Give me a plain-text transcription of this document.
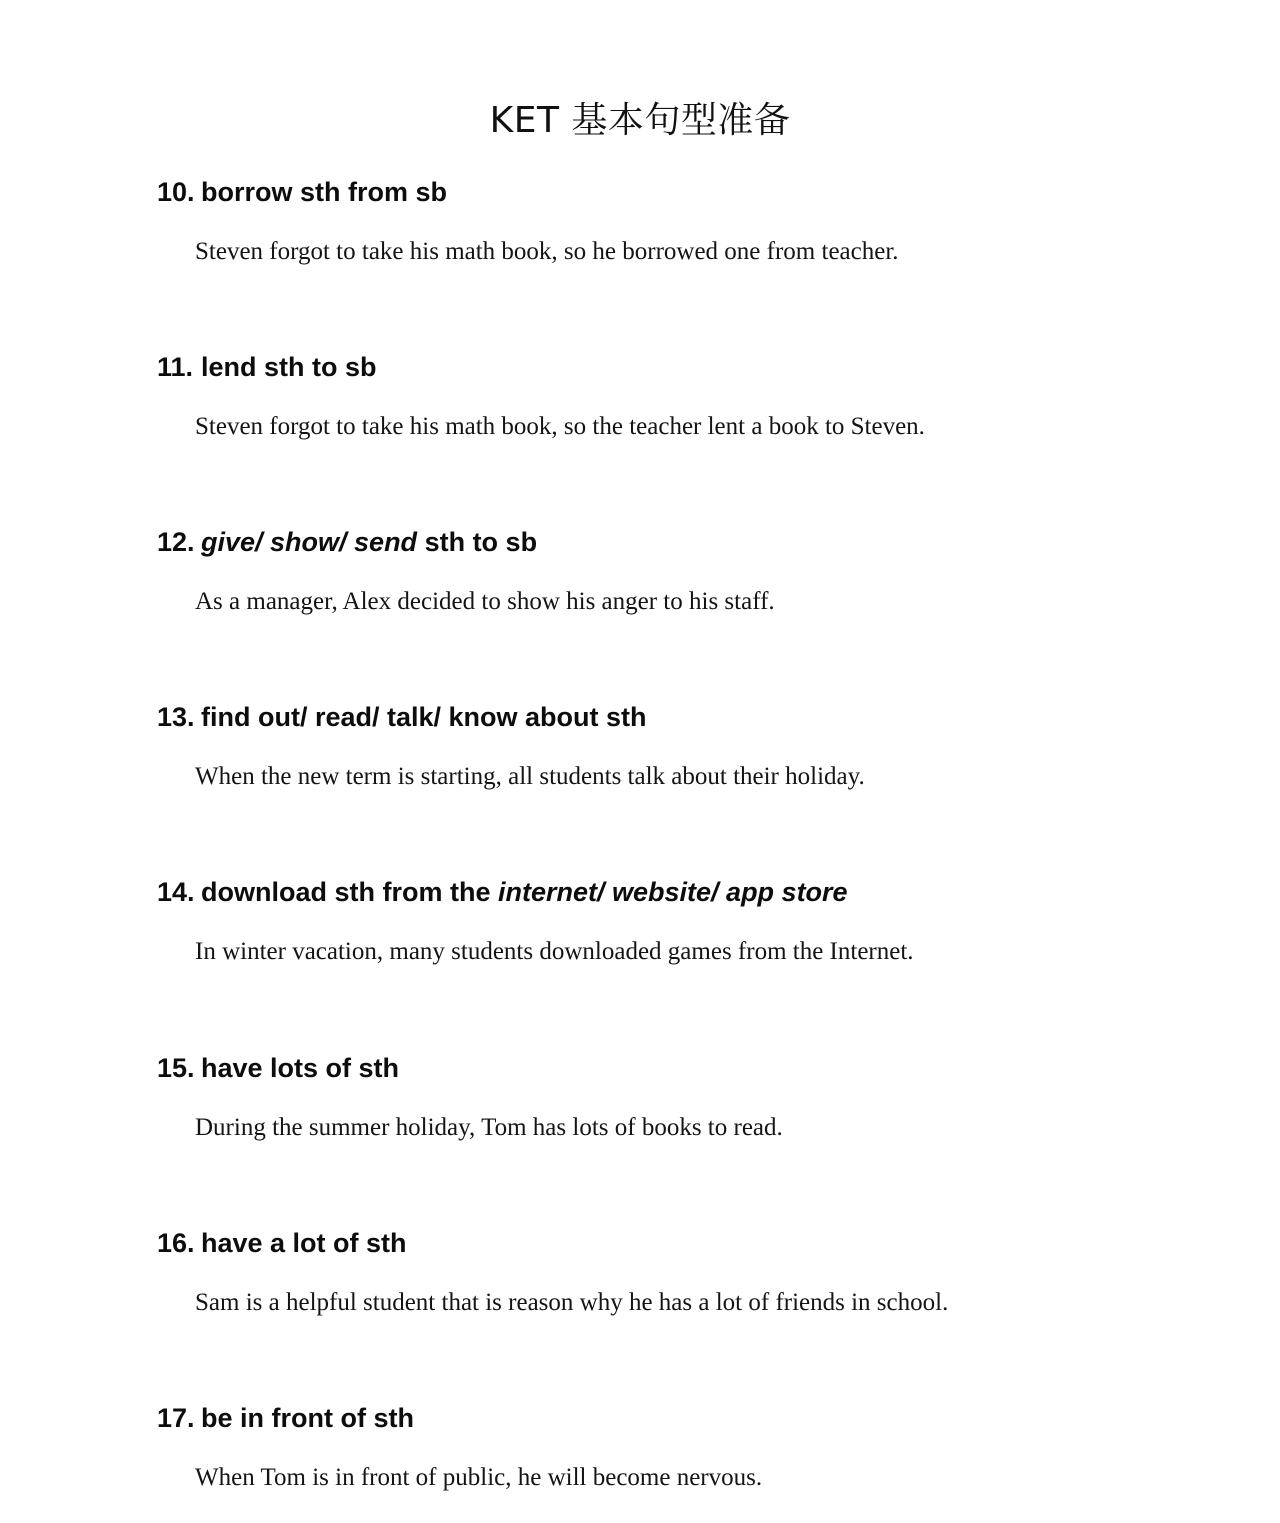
KET 基本句型准备
10. borrow sth from sb
Steven forgot to take his math book, so he borrowed one from teacher.
11. lend sth to sb
Steven forgot to take his math book, so the teacher lent a book to Steven.
12. give/ show/ send sth to sb
As a manager, Alex decided to show his anger to his staff.
13. find out/ read/ talk/ know about sth
When the new term is starting, all students talk about their holiday.
14. download sth from the internet/ website/ app store
In winter vacation, many students downloaded games from the Internet.
15. have lots of sth
During the summer holiday, Tom has lots of books to read.
16. have a lot of sth
Sam is a helpful student that is reason why he has a lot of friends in school.
17. be in front of sth
When Tom is in front of public, he will become nervous.
